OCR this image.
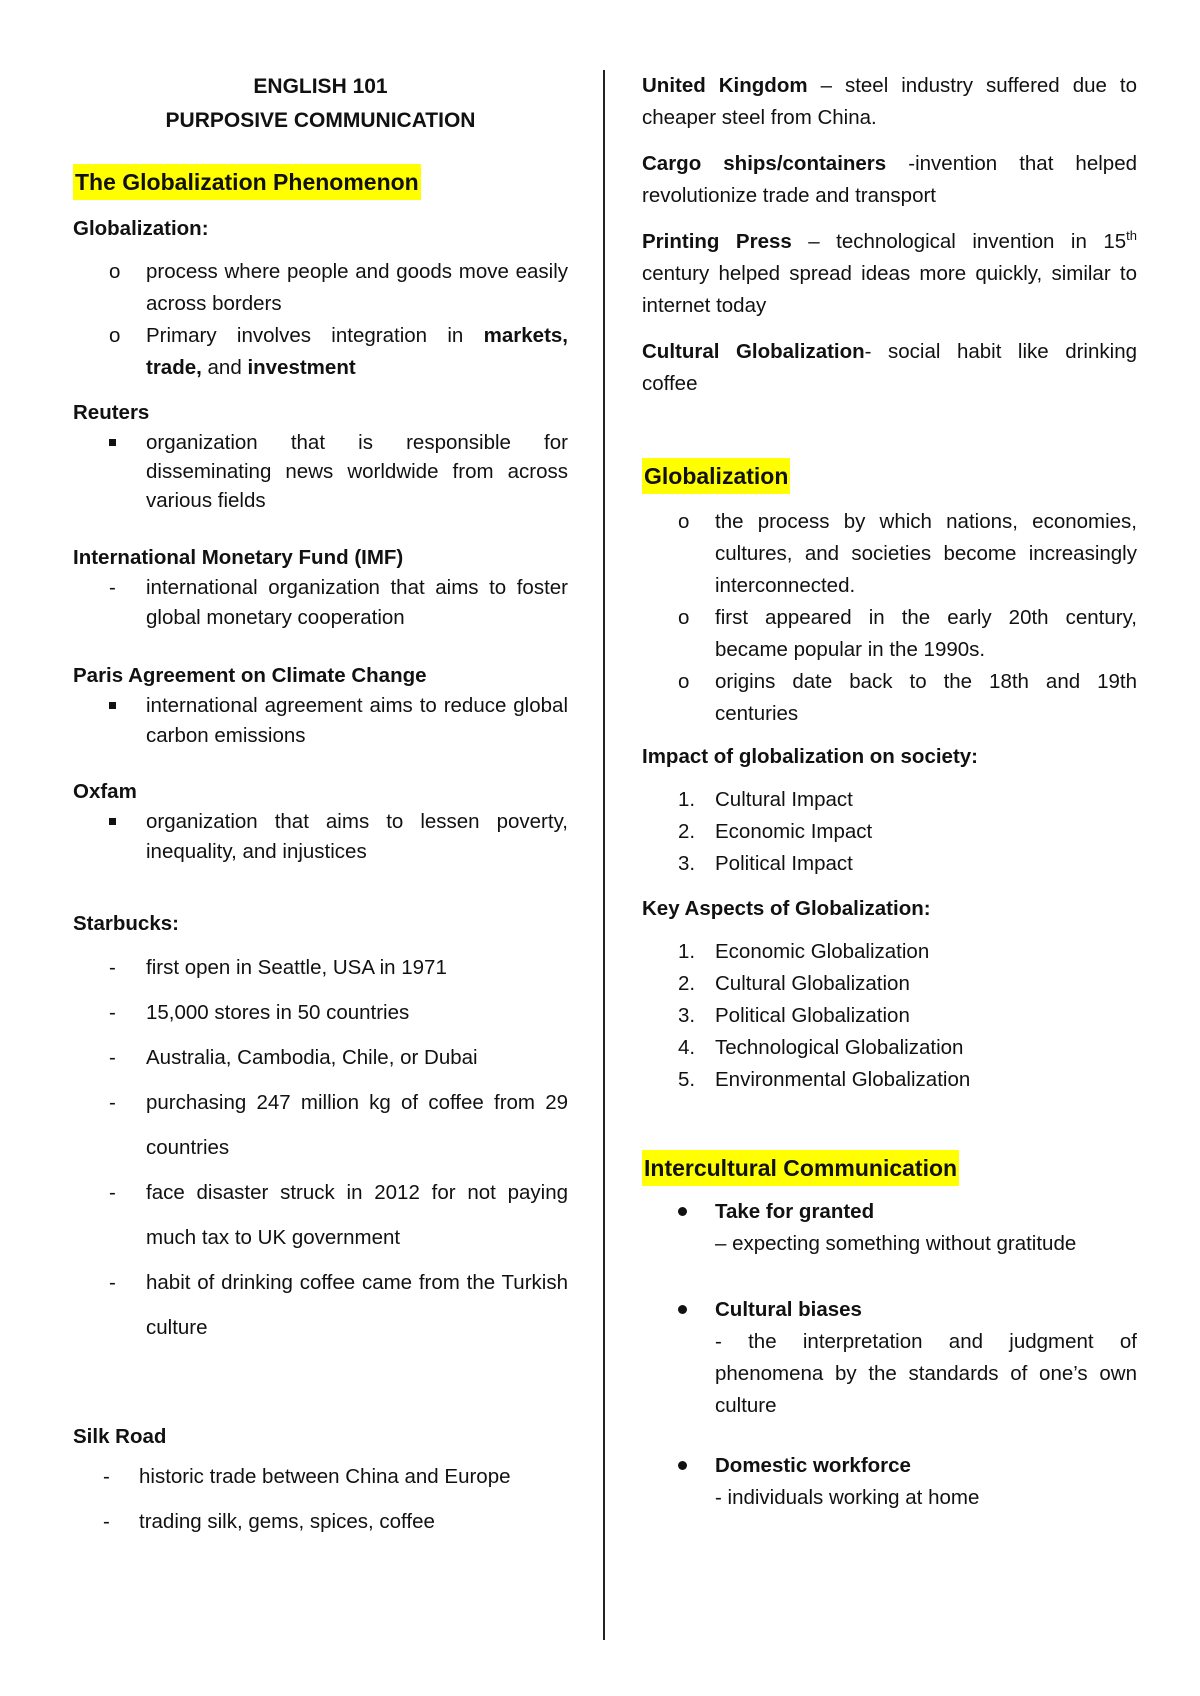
ENGLISH 101
PURPOSIVE COMMUNICATION
The Globalization Phenomenon
Globalization:
o	process where people and goods move easily across borders
o	Primary involves integration in markets, trade, and investment
Reuters
organization that is responsible for disseminating news worldwide from across various fields
International Monetary Fund (IMF)
-	international organization that aims to foster global monetary cooperation
Paris Agreement on Climate Change
international agreement aims to reduce global carbon emissions
Oxfam
organization that aims to lessen poverty, inequality, and injustices
Starbucks:
-	first open in Seattle, USA in 1971
-	15,000 stores in 50 countries
-	Australia, Cambodia, Chile, or Dubai
-	purchasing 247 million kg of coffee from 29 countries
-	face disaster struck in 2012 for not paying much tax to UK government
-	habit of drinking coffee came from the Turkish culture
Silk Road
-	historic trade between China and Europe
-	trading silk, gems, spices, coffee
United Kingdom – steel industry suffered due to cheaper steel from China.
Cargo ships/containers -invention that helped revolutionize trade and transport
Printing Press – technological invention in 15th century helped spread ideas more quickly, similar to internet today
Cultural Globalization- social habit like drinking coffee
Globalization
o	the process by which nations, economies, cultures, and societies become increasingly interconnected.
o	first appeared in the early 20th century, became popular in the 1990s.
o	origins date back to the 18th and 19th centuries
Impact of globalization on society:
1. Cultural Impact
2. Economic Impact
3. Political Impact
Key Aspects of Globalization:
1. Economic Globalization
2. Cultural Globalization
3. Political Globalization
4. Technological Globalization
5. Environmental Globalization
Intercultural Communication
Take for granted
– expecting something without gratitude
Cultural biases
- the interpretation and judgment of phenomena by the standards of one’s own culture
Domestic workforce
- individuals working at home
